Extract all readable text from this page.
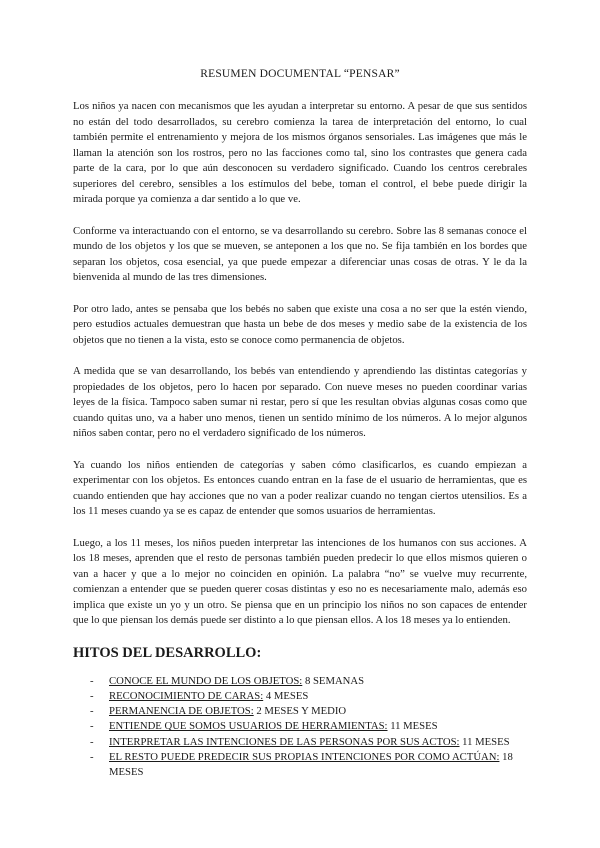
RESUMEN DOCUMENTAL “PENSAR”

Los niños ya nacen con mecanismos que les ayudan a interpretar su entorno. A pesar de que sus sentidos no están del todo desarrollados, su cerebro comienza la tarea de interpretación del entorno, lo cual también permite el entrenamiento y mejora de los mismos órganos sensoriales. Las imágenes que más le llaman la atención son los rostros, pero no las facciones como tal, sino los contrastes que genera cada parte de la cara, por lo que aún desconocen su verdadero significado. Cuando los centros cerebrales superiores del cerebro, sensibles a los estímulos del bebe, toman el control, el bebe puede dirigir la mirada porque ya comienza a dar sentido a lo que ve.

Conforme va interactuando con el entorno, se va desarrollando su cerebro. Sobre las 8 semanas conoce el mundo de los objetos y los que se mueven, se anteponen a los que no. Se fija también en los bordes que separan los objetos, cosa esencial, ya que puede empezar a diferenciar unas cosas de otras. Y le da la bienvenida al mundo de las tres dimensiones.

Por otro lado, antes se pensaba que los bebés no saben que existe una cosa a no ser que la estén viendo, pero estudios actuales demuestran que hasta un bebe de dos meses y medio sabe de la existencia de los objetos que no tienen a la vista, esto se conoce como permanencia de objetos.

A medida que se van desarrollando, los bebés van entendiendo y aprendiendo las distintas categorías y propiedades de los objetos, pero lo hacen por separado. Con nueve meses no pueden coordinar varias leyes de la física. Tampoco saben sumar ni restar, pero sí que les resultan obvias algunas cosas como que cuando quitas uno, va a haber uno menos, tienen un sentido mínimo de los números. A lo mejor algunos niños saben contar, pero no el verdadero significado de los números.

Ya cuando los niños entienden de categorías y saben cómo clasificarlos, es cuando empiezan a experimentar con los objetos. Es entonces cuando entran en la fase de el usuario de herramientas, que es cuando entienden que hay acciones que no van a poder realizar cuando no tengan ciertos utensilios. Es a los 11 meses cuando ya se es capaz de entender que somos usuarios de herramientas.

Luego, a los 11 meses, los niños pueden interpretar las intenciones de los humanos con sus acciones. A los 18 meses, aprenden que el resto de personas también pueden predecir lo que ellos mismos quieren o van a hacer y que a lo mejor no coinciden en opinión. La palabra “no” se vuelve muy recurrente, comienzan a entender que se pueden querer cosas distintas y eso no es necesariamente malo, además eso implica que existe un yo y un otro. Se piensa que en un principio los niños no son capaces de entender que lo que piensan los demás puede ser distinto a lo que piensan ellos. A los 18 meses ya lo entienden.

HITOS DEL DESARROLLO:
-	CONOCE EL MUNDO DE LOS OBJETOS: 8 SEMANAS
-	RECONOCIMIENTO DE CARAS: 4 MESES
-	PERMANENCIA DE OBJETOS: 2 MESES Y MEDIO
-	ENTIENDE QUE SOMOS USUARIOS DE HERRAMIENTAS: 11 MESES
-	INTERPRETAR LAS INTENCIONES DE LAS PERSONAS POR SUS ACTOS: 11 MESES
-	EL RESTO PUEDE PREDECIR SUS PROPIAS INTENCIONES POR COMO ACTÚAN: 18 MESES
